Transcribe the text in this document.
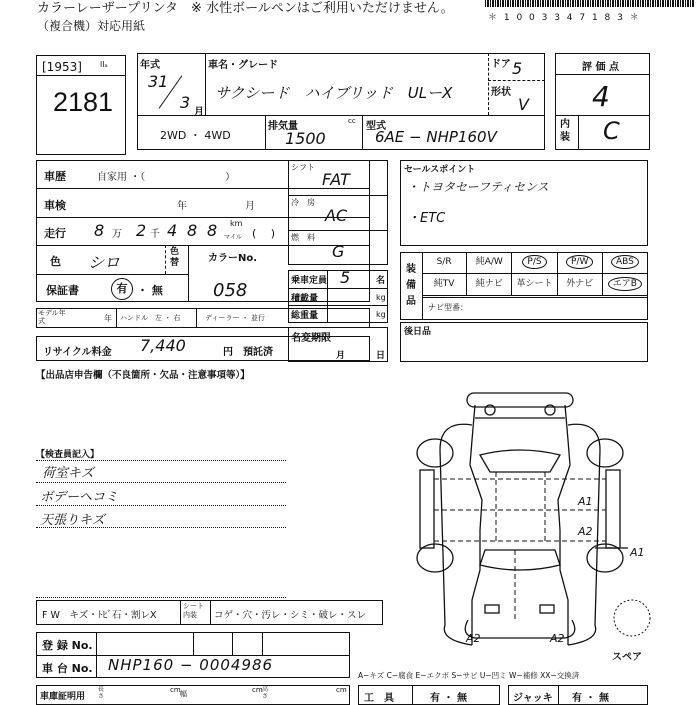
カラーレーザープリンタ　※ 水性ボールペンはご利用いただけません。
（複合機）対応用紙
＊ 1 0 0 3 3 4 7 1 8 3 ＊
[1953] llₐ
2181
年式
31
3
月
車名・グレード
サクシード　ハイブリッド　ULーX
ドア 5
形状
V
2WD ・ 4WD
排気量	cc
1500
型式
6AE − NHP160V
評 価 点
4
内装 C
車歴	自家用 ・（　　　　　　　　）
車検	年	月
走行 8 万 2 千 4 8 8 km
マイル (　 )
色 シロ
色替	カラーNo.
058
保証書	有 ・ 無
モデル年式	年 ハンドル　左 ・ 右	ディーラー ・ 並行
リサイクル料金 7,440	円　預託済
【出品店申告欄（不良箇所・欠品・注意事項等）】
シフト
FAT
冷　房
AC
燃　料
G
乗車定員 5	名
積載量	kg
総重量	kg
名変期限
月	日
セールスポイント
・トヨタセーフティセンス
・ETC
装備品
S/R	純A/W	P/S	P/W	ABS
純TV	純ナビ	革シート	外ナビ	エアB
ナビ型番：
後日品
【検査員記入】
荷室キズ
ボデーヘコミ
天張りキズ
A1
A2
A1
A2	A2
スペア
A−キズ C−腐食 E−エクボ S−サビ U−凹ミ W−補修 XX−交換済
F W　キズ・ﾄﾋﾞ石・割レX
シート内装	コゲ・穴・汚レ・シミ・破レ・スレ
登 録 No.
車 台 No. NHP160 − 0004986
車庫証明用
長さ
cm 幅	cm 高さ
cm
工　具	有 ・ 無	ジャッキ 有 ・ 無
